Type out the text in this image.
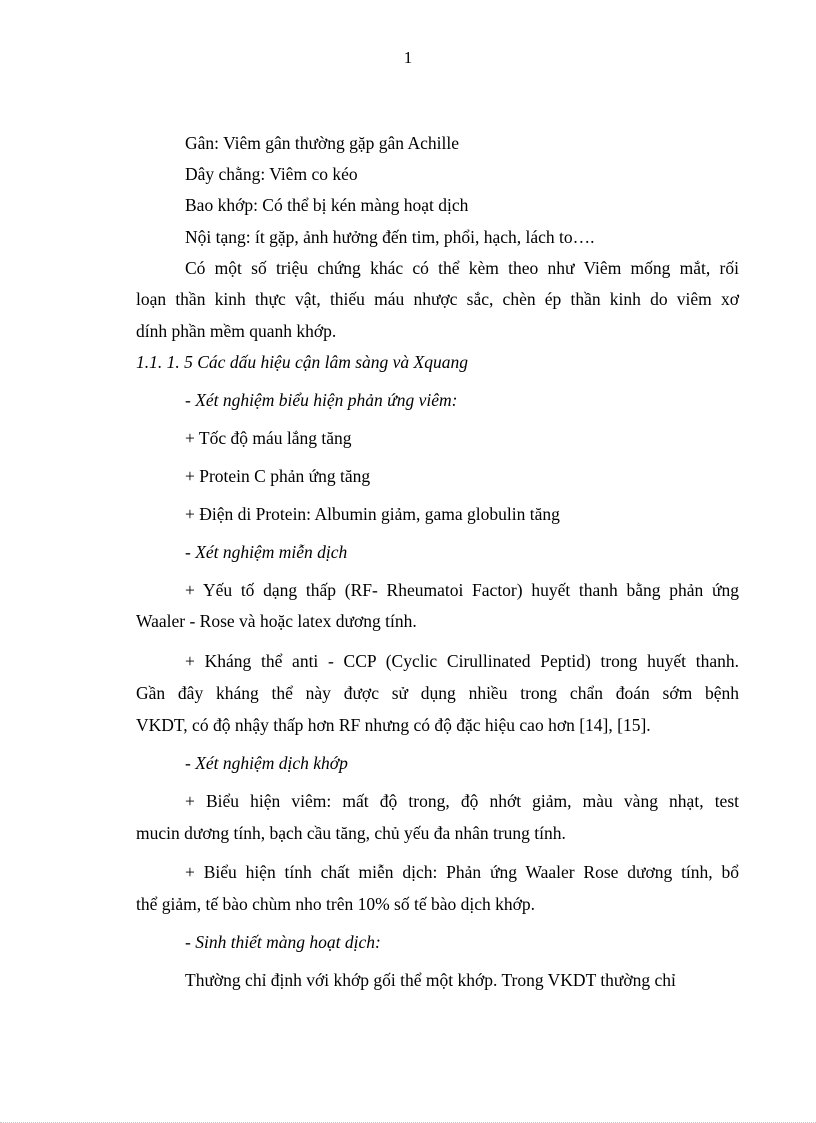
1
Gân: Viêm gân thường gặp gân Achille
Dây chằng: Viêm co kéo
Bao khớp: Có thể bị kén màng hoạt dịch
Nội tạng: ít gặp, ảnh hưởng đến tim, phổi, hạch, lách to….
Có một số triệu chứng khác có thể kèm theo như Viêm mống mắt, rối
loạn thần kinh thực vật, thiếu máu nhược sắc, chèn ép thần kinh do viêm xơ
dính phần mềm quanh khớp.
1.1. 1. 5 Các dấu hiệu cận lâm sàng và Xquang
- Xét nghiệm biểu hiện phản ứng viêm:
+ Tốc độ máu lắng tăng
+ Protein C phản ứng tăng
+ Điện di Protein: Albumin giảm, gama globulin tăng
- Xét nghiệm miễn dịch
+ Yếu tố dạng thấp (RF- Rheumatoi Factor) huyết thanh bằng phản ứng
Waaler - Rose và hoặc latex dương tính.
+ Kháng thể anti - CCP (Cyclic Cirullinated Peptid) trong huyết thanh.
Gần đây kháng thể này được sử dụng nhiều trong chẩn đoán sớm bệnh
VKDT, có độ nhậy thấp hơn RF nhưng có độ đặc hiệu cao hơn [14], [15].
- Xét nghiệm dịch khớp
+ Biểu hiện viêm: mất độ trong, độ nhớt giảm, màu vàng nhạt, test
mucin dương tính, bạch cầu tăng, chủ yếu đa nhân trung tính.
+ Biểu hiện tính chất miễn dịch: Phản ứng Waaler Rose dương tính, bổ
thể giảm, tế bào chùm nho trên 10% số tế bào dịch khớp.
- Sinh thiết màng hoạt dịch:
Thường chỉ định với khớp gối thể một khớp. Trong VKDT thường chỉ
